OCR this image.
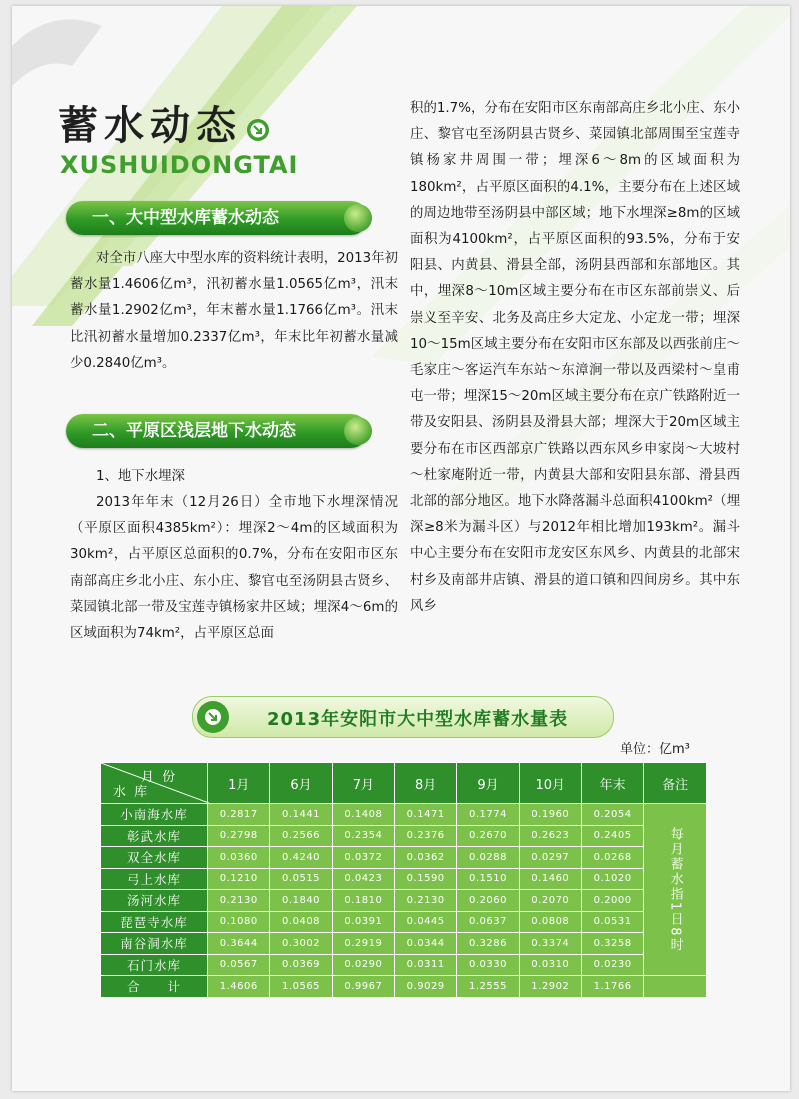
蓄水动态
XUSHUIDONGTAI
一、大中型水库蓄水动态

对全市八座大中型水库的资料统计表明，2013年初蓄水量1.4606亿m³，汛初蓄水量1.0565亿m³，汛末蓄水量1.2902亿m³，年末蓄水量1.1766亿m³。汛末比汛初蓄水量增加0.2337亿m³，年末比年初蓄水量减少0.2840亿m³。

二、平原区浅层地下水动态

1、地下水埋深

2013年年末（12月26日）全市地下水埋深情况（平原区面积4385km²）：埋深2～4m的区域面积为30km²，占平原区总面积的0.7%，分布在安阳市区东南部高庄乡北小庄、东小庄、黎官屯至汤阴县古贤乡、菜园镇北部一带及宝莲寺镇杨家井区域；埋深4～6m的区域面积为74km²，占平原区总面

积的1.7%，分布在安阳市区东南部高庄乡北小庄、东小庄、黎官屯至汤阴县古贤乡、菜园镇北部周围至宝莲寺镇杨家井周围一带；埋深6～8m的区域面积为180km²，占平原区面积的4.1%，主要分布在上述区域的周边地带至汤阴县中部区域；地下水埋深≥8m的区域面积为4100km²，占平原区面积的93.5%，分布于安阳县、内黄县、滑县全部，汤阴县西部和东部地区。其中，埋深8～10m区域主要分布在市区东部前崇义、后崇义至辛安、北务及高庄乡大定龙、小定龙一带；埋深10～15m区域主要分布在安阳市区东部及以西张前庄～毛家庄～客运汽车东站～东漳涧一带以及西梁村～皇甫屯一带；埋深15～20m区域主要分布在京广铁路附近一带及安阳县、汤阴县及滑县大部；埋深大于20m区域主要分布在市区西部京广铁路以西东风乡申家岗～大坡村～杜家庵附近一带，内黄县大部和安阳县东部、滑县西北部的部分地区。地下水降落漏斗总面积4100km²（埋深≥8米为漏斗区）与2012年相比增加193km²。漏斗中心主要分布在安阳市龙安区东风乡、内黄县的北部宋村乡及南部井店镇、滑县的道口镇和四间房乡。其中东风乡

2013年安阳市大中型水库蓄水量表
单位：亿m³
月 份
水 库	1月	6月	7月	8月	9月	10月	年末	备注
小南海水库	0.2817	0.1441	0.1408	0.1471	0.1774	0.1960	0.2054	每月蓄水指1日8时

彰武水库	0.2798	0.2566	0.2354	0.2376	0.2670	0.2623	0.2405	
双全水库	0.0360	0.4240	0.0372	0.0362	0.0288	0.0297	0.0268	
弓上水库	0.1210	0.0515	0.0423	0.1590	0.1510	0.1460	0.1020	
汤河水库	0.2130	0.1840	0.1810	0.2130	0.2060	0.2070	0.2000	
琵琶寺水库	0.1080	0.0408	0.0391	0.0445	0.0637	0.0808	0.0531	
南谷洞水库	0.3644	0.3002	0.2919	0.0344	0.3286	0.3374	0.3258	
石门水库	0.0567	0.0369	0.0290	0.0311	0.0330	0.0310	0.0230	
合　　计	1.4606	1.0565	0.9967	0.9029	1.2555	1.2902	1.1766	
